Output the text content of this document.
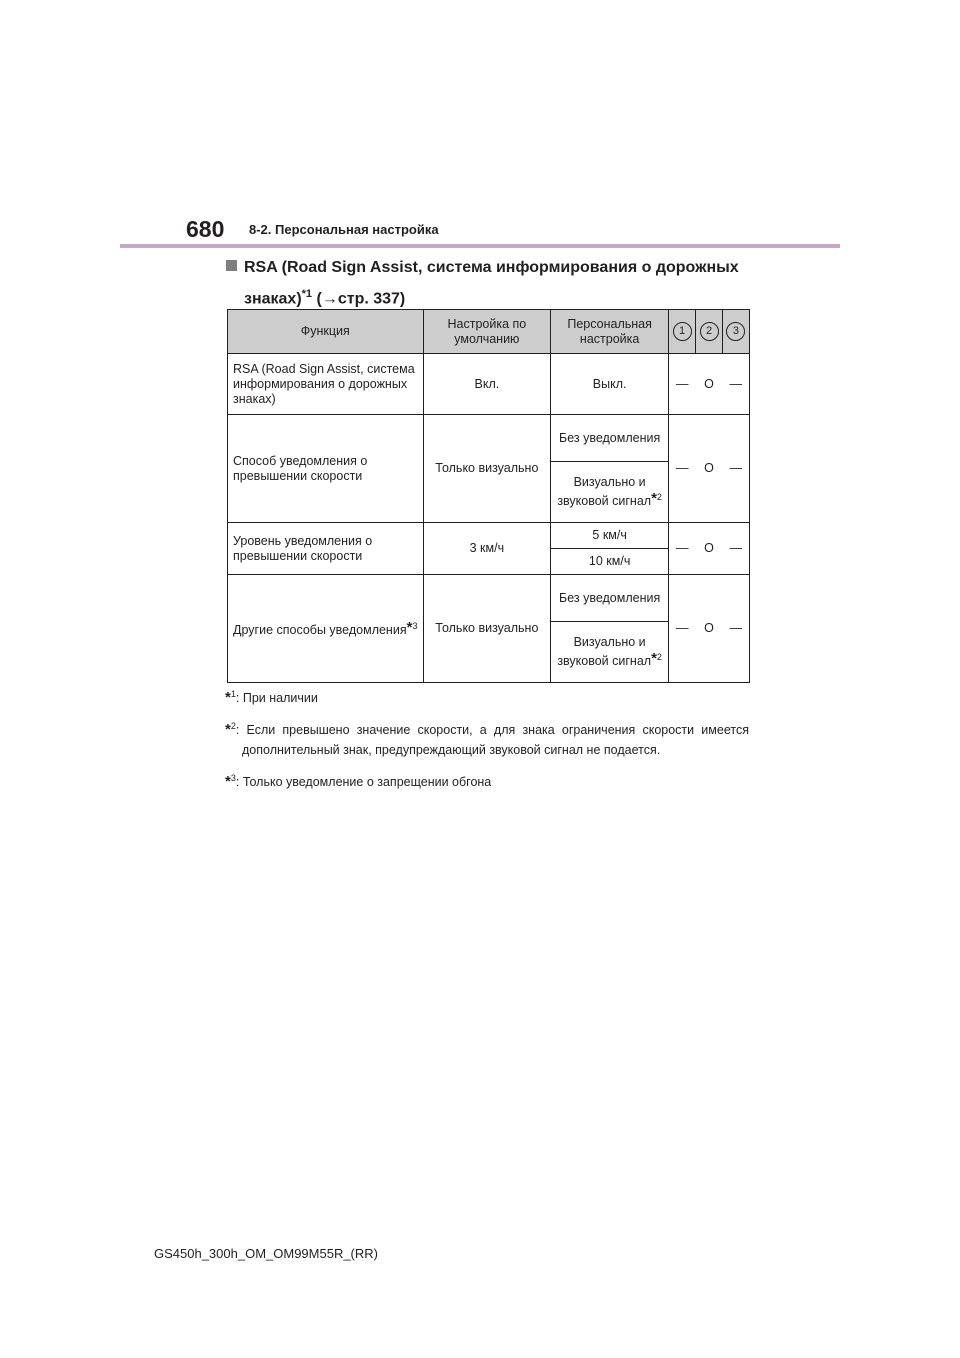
680 8-2. Персональная настройка
RSA (Road Sign Assist, система информирования о дорожных
знаках)$^{*1}$ (→стр. 337)
Функция	Настройка по умолчанию	Персональная настройка	1	2	3
RSA (Road Sign Assist, система информирования о дорожных знаках)	Вкл.	Выкл.	—	O	—
Способ уведомления о превышении скорости	Только визуально	Без уведомления	—	O	—
		Визуально и звуковой сигнал*$^2$
Уровень уведомления о превышении скорости	3 км/ч	5 км/ч	—	O	—
		10 км/ч			
Другие способы уведомления*$^3$	Только визуально	Без уведомления	—	O	—
		Визуально и звуковой сигнал*$^2$
*$^1$: При наличии
*$^2$: Если превышено значение скорости, а для знака ограничения скорости имеется дополнительный знак, предупреждающий звуковой сигнал не подается.
*$^3$: Только уведомление о запрещении обгона
GS450h_300h_OM_OM99M55R_(RR)
